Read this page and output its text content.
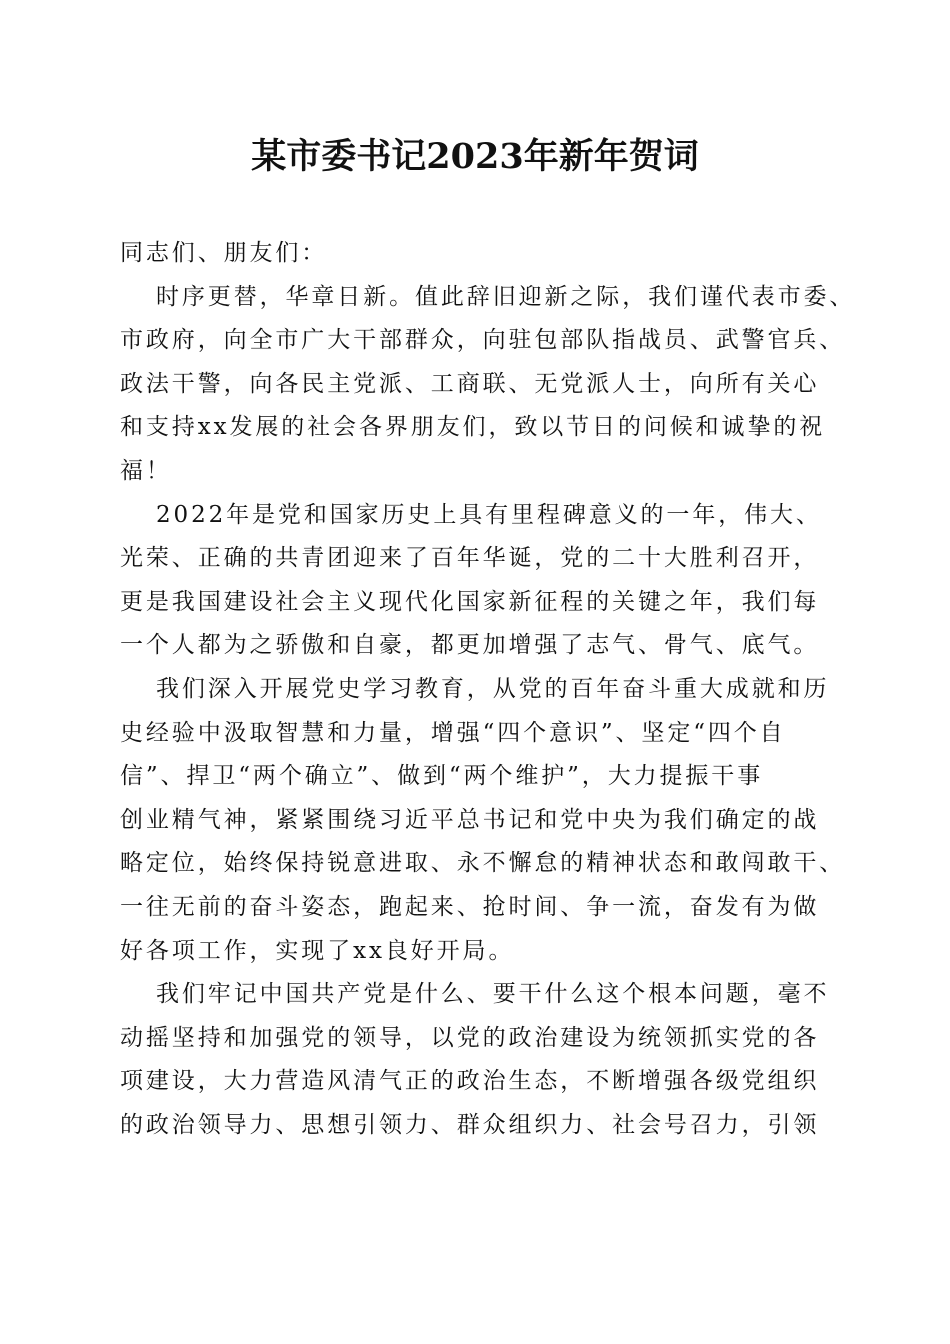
某市委书记2023年新年贺词
同志们、朋友们：
时序更替，华章日新。值此辞旧迎新之际，我们谨代表市委、
市政府，向全市广大干部群众，向驻包部队指战员、武警官兵、
政法干警，向各民主党派、工商联、无党派人士，向所有关心
和支持xx发展的社会各界朋友们，致以节日的问候和诚挚的祝
福！
2022年是党和国家历史上具有里程碑意义的一年，伟大、
光荣、正确的共青团迎来了百年华诞，党的二十大胜利召开，
更是我国建设社会主义现代化国家新征程的关键之年，我们每
一个人都为之骄傲和自豪，都更加增强了志气、骨气、底气。
我们深入开展党史学习教育，从党的百年奋斗重大成就和历
史经验中汲取智慧和力量，增强“四个意识”、坚定“四个自
信”、捍卫“两个确立”、做到“两个维护”，大力提振干事
创业精气神，紧紧围绕习近平总书记和党中央为我们确定的战
略定位，始终保持锐意进取、永不懈怠的精神状态和敢闯敢干、
一往无前的奋斗姿态，跑起来、抢时间、争一流，奋发有为做
好各项工作，实现了xx良好开局。
我们牢记中国共产党是什么、要干什么这个根本问题，毫不
动摇坚持和加强党的领导，以党的政治建设为统领抓实党的各
项建设，大力营造风清气正的政治生态，不断增强各级党组织
的政治领导力、思想引领力、群众组织力、社会号召力，引领
